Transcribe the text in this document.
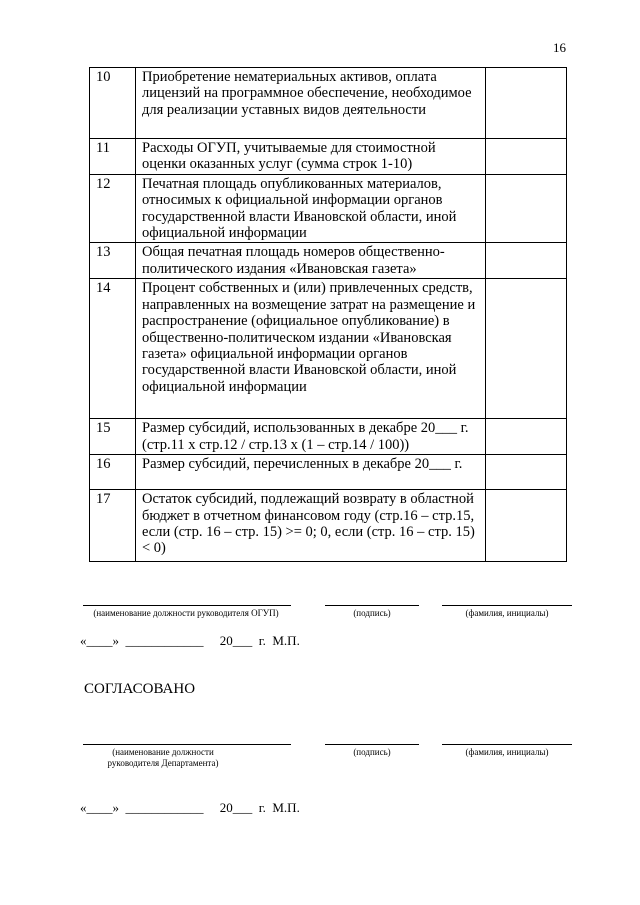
16
10	Приобретение нематериальных активов, оплата лицензий на программное обеспечение, необходимое для реализации уставных видов деятельности	
11	Расходы ОГУП, учитываемые для стоимостной оценки оказанных услуг (сумма строк 1-10)	
12	Печатная площадь опубликованных материалов, относимых к официальной информации органов государственной власти Ивановской области, иной официальной информации	
13	Общая печатная площадь номеров общественно-политического издания «Ивановская газета»	
14	Процент собственных и (или) привлеченных средств, направленных на возмещение затрат на размещение и распространение (официальное опубликование) в общественно-политическом издании «Ивановская газета» официальной информации органов государственной власти Ивановской области, иной официальной информации	
15	Размер субсидий, использованных в декабре 20___ г. (стр.11 x стр.12 / стр.13 x (1 – стр.14 / 100))	
16	Размер субсидий, перечисленных в декабре 20___ г.	
17	Остаток субсидий, подлежащий возврату в областной бюджет в отчетном финансовом году (стр.16 – стр.15, если (стр. 16 – стр. 15) >= 0; 0, если (стр. 16 – стр. 15) < 0)	
(наименование должности руководителя ОГУП)	(подпись)	(фамилия, инициалы)
«____»  ____________     20___  г.  М.П.
СОГЛАСОВАНО
(наименование должности руководителя Департамента)
(подпись)	(фамилия, инициалы)
«____»  ____________     20___  г.  М.П.
